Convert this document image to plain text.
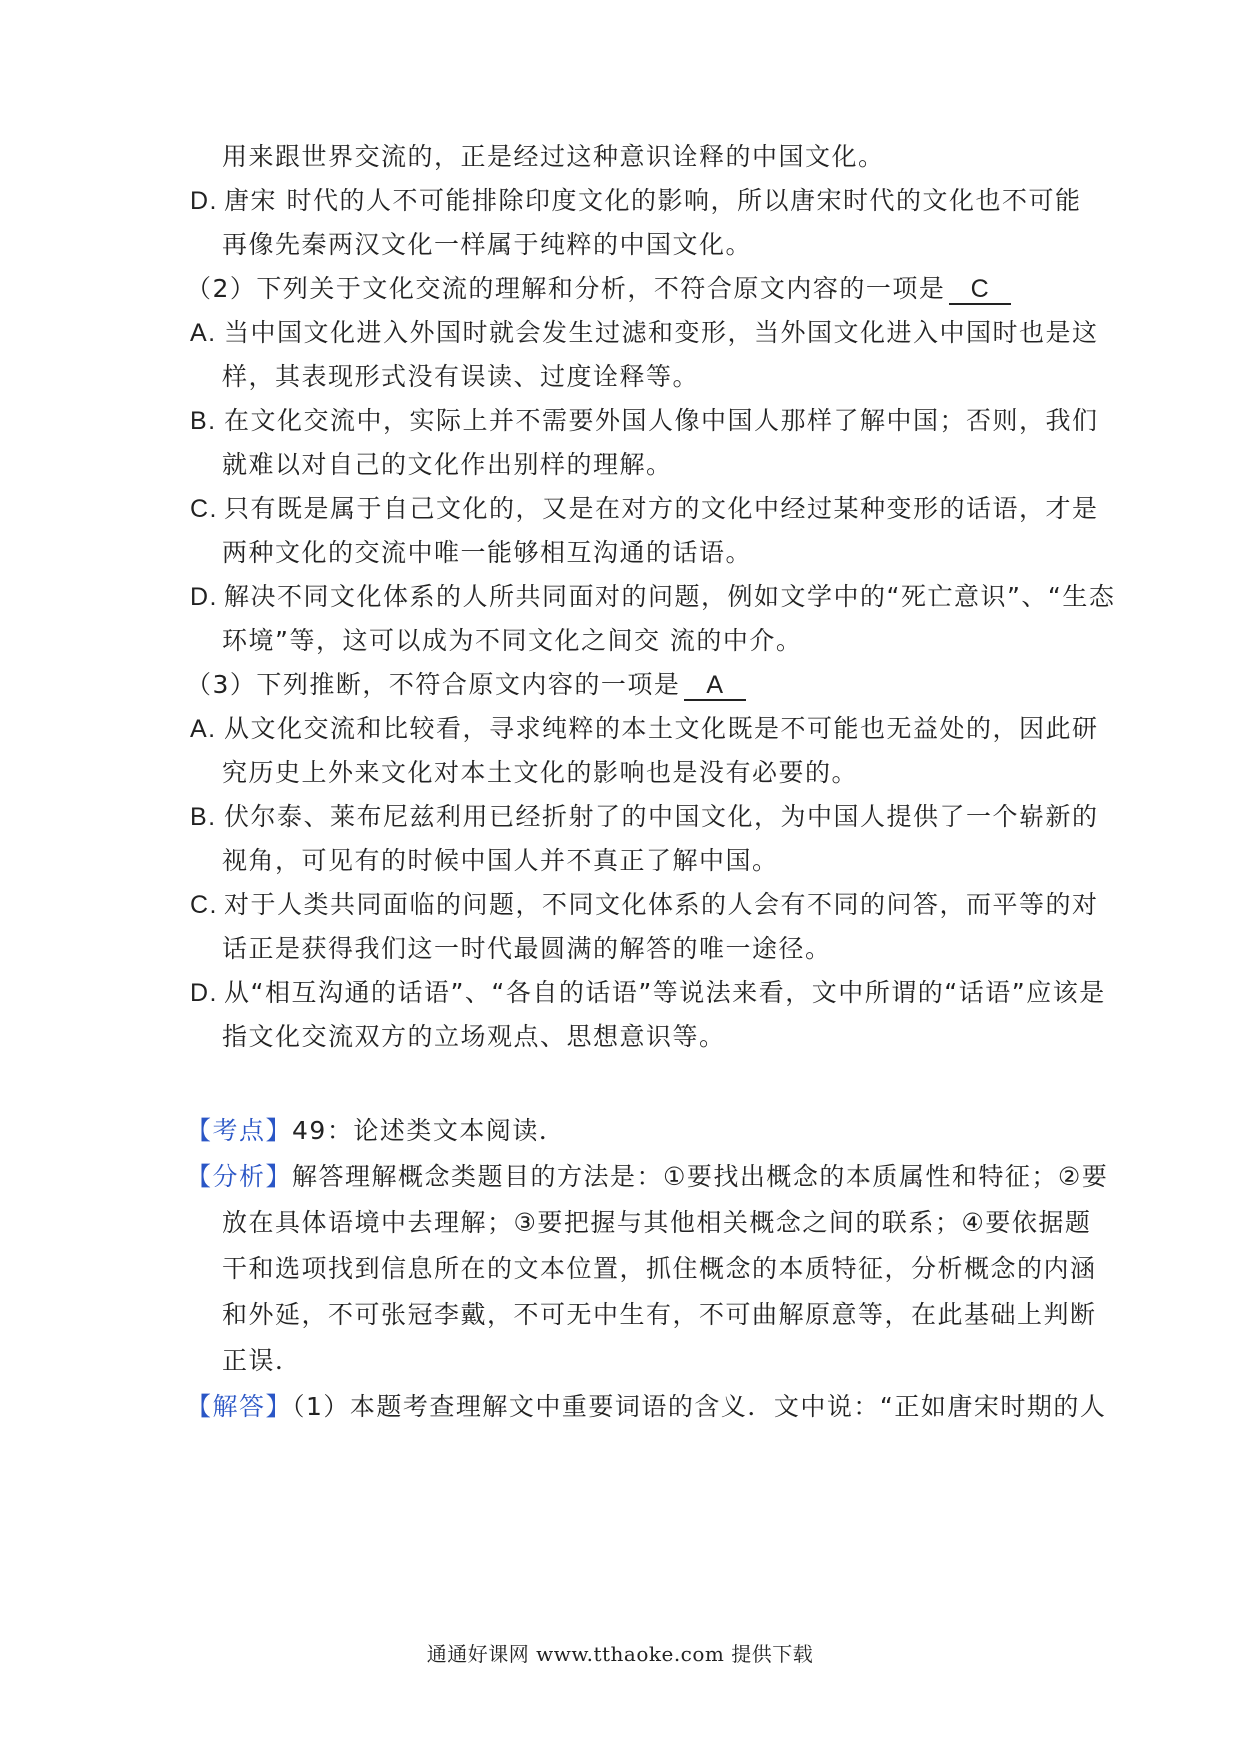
用来跟世界交流的，正是经过这种意识诠释的中国文化。
D. 唐宋 时代的人不可能排除印度文化的影响，所以唐宋时代的文化也不可能
再像先秦两汉文化一样属于纯粹的中国文化。
（2）下列关于文化交流的理解和分析，不符合原文内容的一项是 C
A. 当中国文化进入外国时就会发生过滤和变形，当外国文化进入中国时也是这
样，其表现形式没有误读、过度诠释等。
B. 在文化交流中，实际上并不需要外国人像中国人那样了解中国；否则，我们
就难以对自己的文化作出别样的理解。
C. 只有既是属于自己文化的，又是在对方的文化中经过某种变形的话语，才是
两种文化的交流中唯一能够相互沟通的话语。
D. 解决不同文化体系的人所共同面对的问题，例如文学中的“死亡意识”、“生态
环境”等，这可以成为不同文化之间交 流的中介。
（3）下列推断，不符合原文内容的一项是 A
A. 从文化交流和比较看，寻求纯粹的本土文化既是不可能也无益处的，因此研
究历史上外来文化对本土文化的影响也是没有必要的。
B. 伏尔泰、莱布尼兹利用已经折射了的中国文化，为中国人提供了一个崭新的
视角，可见有的时候中国人并不真正了解中国。
C. 对于人类共同面临的问题，不同文化体系的人会有不同的问答，而平等的对
话正是获得我们这一时代最圆满的解答的唯一途径。
D. 从“相互沟通的话语”、“各自的话语”等说法来看，文中所谓的“话语”应该是
指文化交流双方的立场观点、思想意识等。
【考点】49：论述类文本阅读．
【分析】解答理解概念类题目的方法是：①要找出概念的本质属性和特征；②要
放在具体语境中去理解；③要把握与其他相关概念之间的联系；④要依据题
干和选项找到信息所在的文本位置，抓住概念的本质特征，分析概念的内涵
和外延，不可张冠李戴，不可无中生有，不可曲解原意等，在此基础上判断
正误．
【解答】（1）本题考查理解文中重要词语的含义．文中说：“正如唐宋时期的人
通通好课网 www.tthaoke.com 提供下载
